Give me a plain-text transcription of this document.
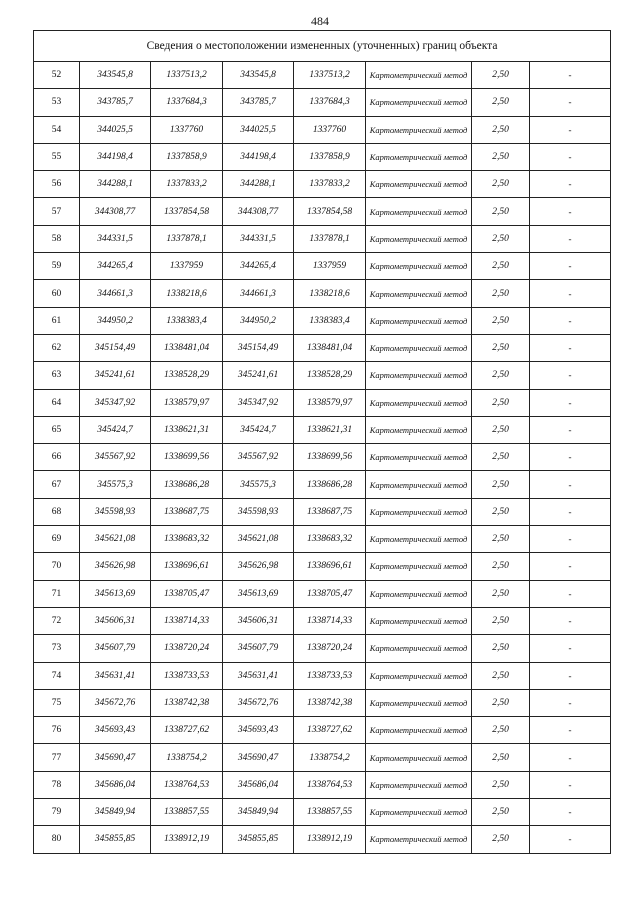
484
Сведения о местоположении измененных (уточненных) границ объекта							
52	343545,8	1337513,2	343545,8	1337513,2	Картометрический метод	2,50	-
53	343785,7	1337684,3	343785,7	1337684,3	Картометрический метод	2,50	-
54	344025,5	1337760	344025,5	1337760	Картометрический метод	2,50	-
55	344198,4	1337858,9	344198,4	1337858,9	Картометрический метод	2,50	-
56	344288,1	1337833,2	344288,1	1337833,2	Картометрический метод	2,50	-
57	344308,77	1337854,58	344308,77	1337854,58	Картометрический метод	2,50	-
58	344331,5	1337878,1	344331,5	1337878,1	Картометрический метод	2,50	-
59	344265,4	1337959	344265,4	1337959	Картометрический метод	2,50	-
60	344661,3	1338218,6	344661,3	1338218,6	Картометрический метод	2,50	-
61	344950,2	1338383,4	344950,2	1338383,4	Картометрический метод	2,50	-
62	345154,49	1338481,04	345154,49	1338481,04	Картометрический метод	2,50	-
63	345241,61	1338528,29	345241,61	1338528,29	Картометрический метод	2,50	-
64	345347,92	1338579,97	345347,92	1338579,97	Картометрический метод	2,50	-
65	345424,7	1338621,31	345424,7	1338621,31	Картометрический метод	2,50	-
66	345567,92	1338699,56	345567,92	1338699,56	Картометрический метод	2,50	-
67	345575,3	1338686,28	345575,3	1338686,28	Картометрический метод	2,50	-
68	345598,93	1338687,75	345598,93	1338687,75	Картометрический метод	2,50	-
69	345621,08	1338683,32	345621,08	1338683,32	Картометрический метод	2,50	-
70	345626,98	1338696,61	345626,98	1338696,61	Картометрический метод	2,50	-
71	345613,69	1338705,47	345613,69	1338705,47	Картометрический метод	2,50	-
72	345606,31	1338714,33	345606,31	1338714,33	Картометрический метод	2,50	-
73	345607,79	1338720,24	345607,79	1338720,24	Картометрический метод	2,50	-
74	345631,41	1338733,53	345631,41	1338733,53	Картометрический метод	2,50	-
75	345672,76	1338742,38	345672,76	1338742,38	Картометрический метод	2,50	-
76	345693,43	1338727,62	345693,43	1338727,62	Картометрический метод	2,50	-
77	345690,47	1338754,2	345690,47	1338754,2	Картометрический метод	2,50	-
78	345686,04	1338764,53	345686,04	1338764,53	Картометрический метод	2,50	-
79	345849,94	1338857,55	345849,94	1338857,55	Картометрический метод	2,50	-
80	345855,85	1338912,19	345855,85	1338912,19	Картометрический метод	2,50	-
